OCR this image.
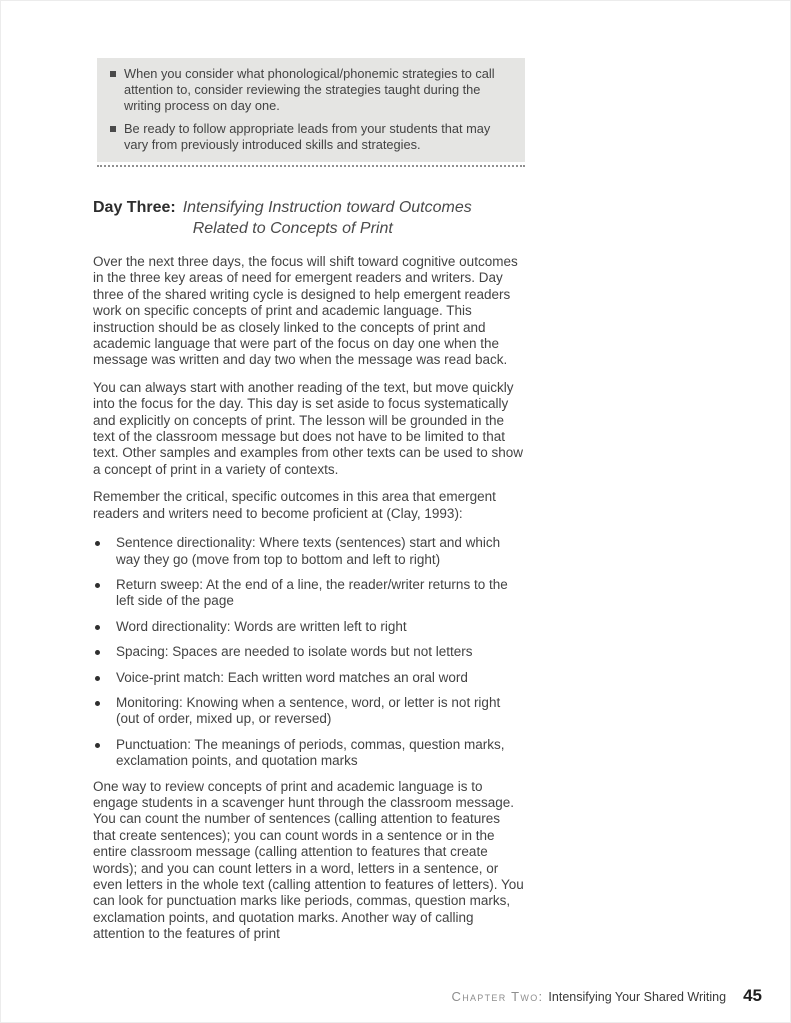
When you consider what phonological/phonemic strategies to call attention to, consider reviewing the strategies taught during the writing process on day one.
Be ready to follow appropriate leads from your students that may vary from previously introduced skills and strategies.
Day Three: Intensifying Instruction toward Outcomes
Related to Concepts of Print

Over the next three days, the focus will shift toward cognitive outcomes in the three key areas of need for emergent readers and writers. Day three of the shared writing cycle is designed to help emergent readers work on specific concepts of print and academic language. This instruction should be as closely linked to the concepts of print and academic language that were part of the focus on day one when the message was written and day two when the message was read back.

You can always start with another reading of the text, but move quickly into the focus for the day. This day is set aside to focus systematically and explicitly on concepts of print. The lesson will be grounded in the text of the classroom message but does not have to be limited to that text. Other samples and examples from other texts can be used to show a concept of print in a variety of contexts.

Remember the critical, specific outcomes in this area that emergent readers and writers need to become proficient at (Clay, 1993):

Sentence directionality: Where texts (sentences) start and which way they go (move from top to bottom and left to right)
Return sweep: At the end of a line, the reader/writer returns to the left side of the page
Word directionality: Words are written left to right
Spacing: Spaces are needed to isolate words but not letters
Voice-print match: Each written word matches an oral word
Monitoring: Knowing when a sentence, word, or letter is not right (out of order, mixed up, or reversed)
Punctuation: The meanings of periods, commas, question marks, exclamation points, and quotation marks

One way to review concepts of print and academic language is to engage students in a scavenger hunt through the classroom message. You can count the number of sentences (calling attention to features that create sentences); you can count words in a sentence or in the entire classroom message (calling attention to features that create words); and you can count letters in a word, letters in a sentence, or even letters in the whole text (calling attention to features of letters). You can look for punctuation marks like periods, commas, question marks, exclamation points, and quotation marks. Another way of calling attention to the features of print

Chapter Two: Intensifying Your Shared Writing 45
